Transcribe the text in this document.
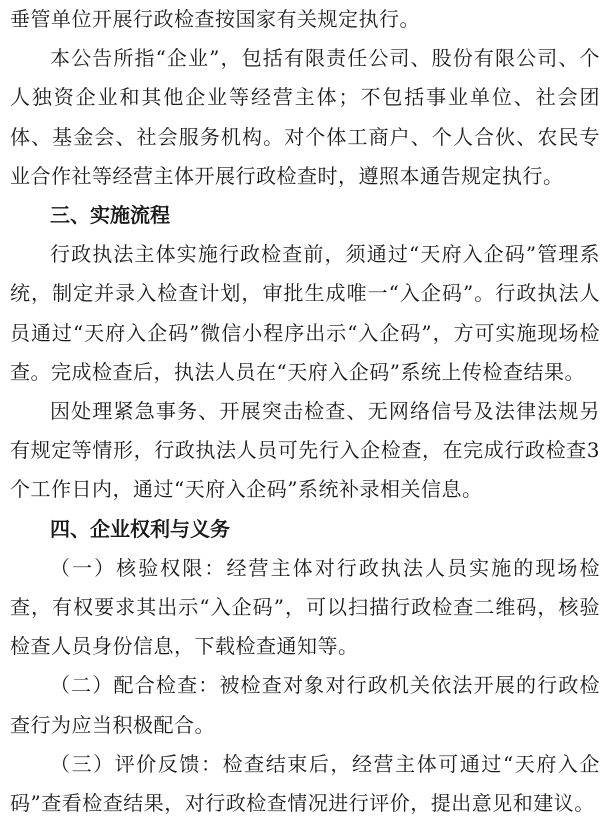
垂管单位开展行政检查按国家有关规定执行。

本公告所指“企业”，包括有限责任公司、股份有限公司、个人独资企业和其他企业等经营主体；不包括事业单位、社会团体、基金会、社会服务机构。对个体工商户、个人合伙、农民专业合作社等经营主体开展行政检查时，遵照本通告规定执行。

三、实施流程

行政执法主体实施行政检查前，须通过“天府入企码”管理系统，制定并录入检查计划，审批生成唯一“入企码”。行政执法人员通过“天府入企码”微信小程序出示“入企码”，方可实施现场检查。完成检查后，执法人员在“天府入企码”系统上传检查结果。

因处理紧急事务、开展突击检查、无网络信号及法律法规另有规定等情形，行政执法人员可先行入企检查，在完成行政检查3个工作日内，通过“天府入企码”系统补录相关信息。

四、企业权利与义务

（一）核验权限：经营主体对行政执法人员实施的现场检查，有权要求其出示“入企码”，可以扫描行政检查二维码，核验检查人员身份信息，下载检查通知等。

（二）配合检查：被检查对象对行政机关依法开展的行政检查行为应当积极配合。

（三）评价反馈：检查结束后，经营主体可通过“天府入企码”查看检查结果，对行政检查情况进行评价，提出意见和建议。
